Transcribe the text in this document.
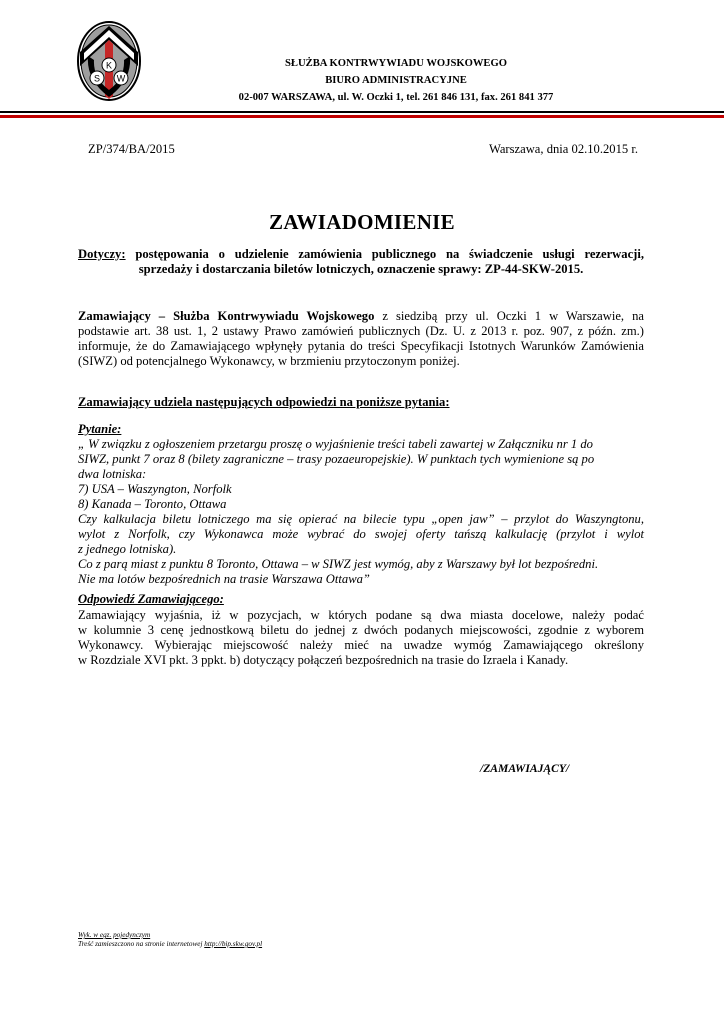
K
S W
SŁUŻBA KONTRWYWIADU WOJSKOWEGO
BIURO ADMINISTRACYJNE
02-007 WARSZAWA, ul. W. Oczki 1, tel. 261 846 131, fax. 261 841 377
ZP/374/BA/2015	Warszawa, dnia 02.10.2015 r.
ZAWIADOMIENIE
Dotyczy: postępowania o udzielenie zamówienia publicznego na świadczenie usługi rezerwacji,
sprzedaży i dostarczania biletów lotniczych, oznaczenie sprawy: ZP-44-SKW-2015.
Zamawiający – Służba Kontrwywiadu Wojskowego z siedzibą przy ul. Oczki 1 w Warszawie, na
podstawie art. 38 ust. 1, 2 ustawy Prawo zamówień publicznych (Dz. U. z 2013 r. poz. 907, z późn. zm.)
informuje, że do Zamawiającego wpłynęły pytania do treści Specyfikacji Istotnych Warunków Zamówienia
(SIWZ) od potencjalnego Wykonawcy, w brzmieniu przytoczonym poniżej.
Zamawiający udziela następujących odpowiedzi na poniższe pytania:
Pytanie:
„ W związku z ogłoszeniem przetargu proszę o wyjaśnienie treści tabeli zawartej w Załączniku nr 1 do
SIWZ, punkt 7 oraz 8 (bilety zagraniczne – trasy pozaeuropejskie). W punktach tych wymienione są po
dwa lotniska:
7) USA – Waszyngton, Norfolk
8) Kanada – Toronto, Ottawa
Czy kalkulacja biletu lotniczego ma się opierać na bilecie typu „open jaw” – przylot do Waszyngtonu,
wylot z Norfolk, czy Wykonawca może wybrać do swojej oferty tańszą kalkulację (przylot i wylot
z jednego lotniska).
Co z parą miast z punktu 8 Toronto, Ottawa – w SIWZ jest wymóg, aby z Warszawy był lot bezpośredni.
Nie ma lotów bezpośrednich na trasie Warszawa Ottawa”
Odpowiedź Zamawiającego:
Zamawiający wyjaśnia, iż w pozycjach, w których podane są dwa miasta docelowe, należy podać
w kolumnie 3 cenę jednostkową biletu do jednej z dwóch podanych miejscowości, zgodnie z wyborem
Wykonawcy. Wybierając miejscowość należy mieć na uwadze wymóg Zamawiającego określony
w Rozdziale XVI pkt. 3 ppkt. b) dotyczący połączeń bezpośrednich na trasie do Izraela i Kanady.
/ZAMAWIAJĄCY/
Wyk. w egz. pojedynczym
Treść zamieszczono na stronie internetowej http://bip.skw.gov.pl
